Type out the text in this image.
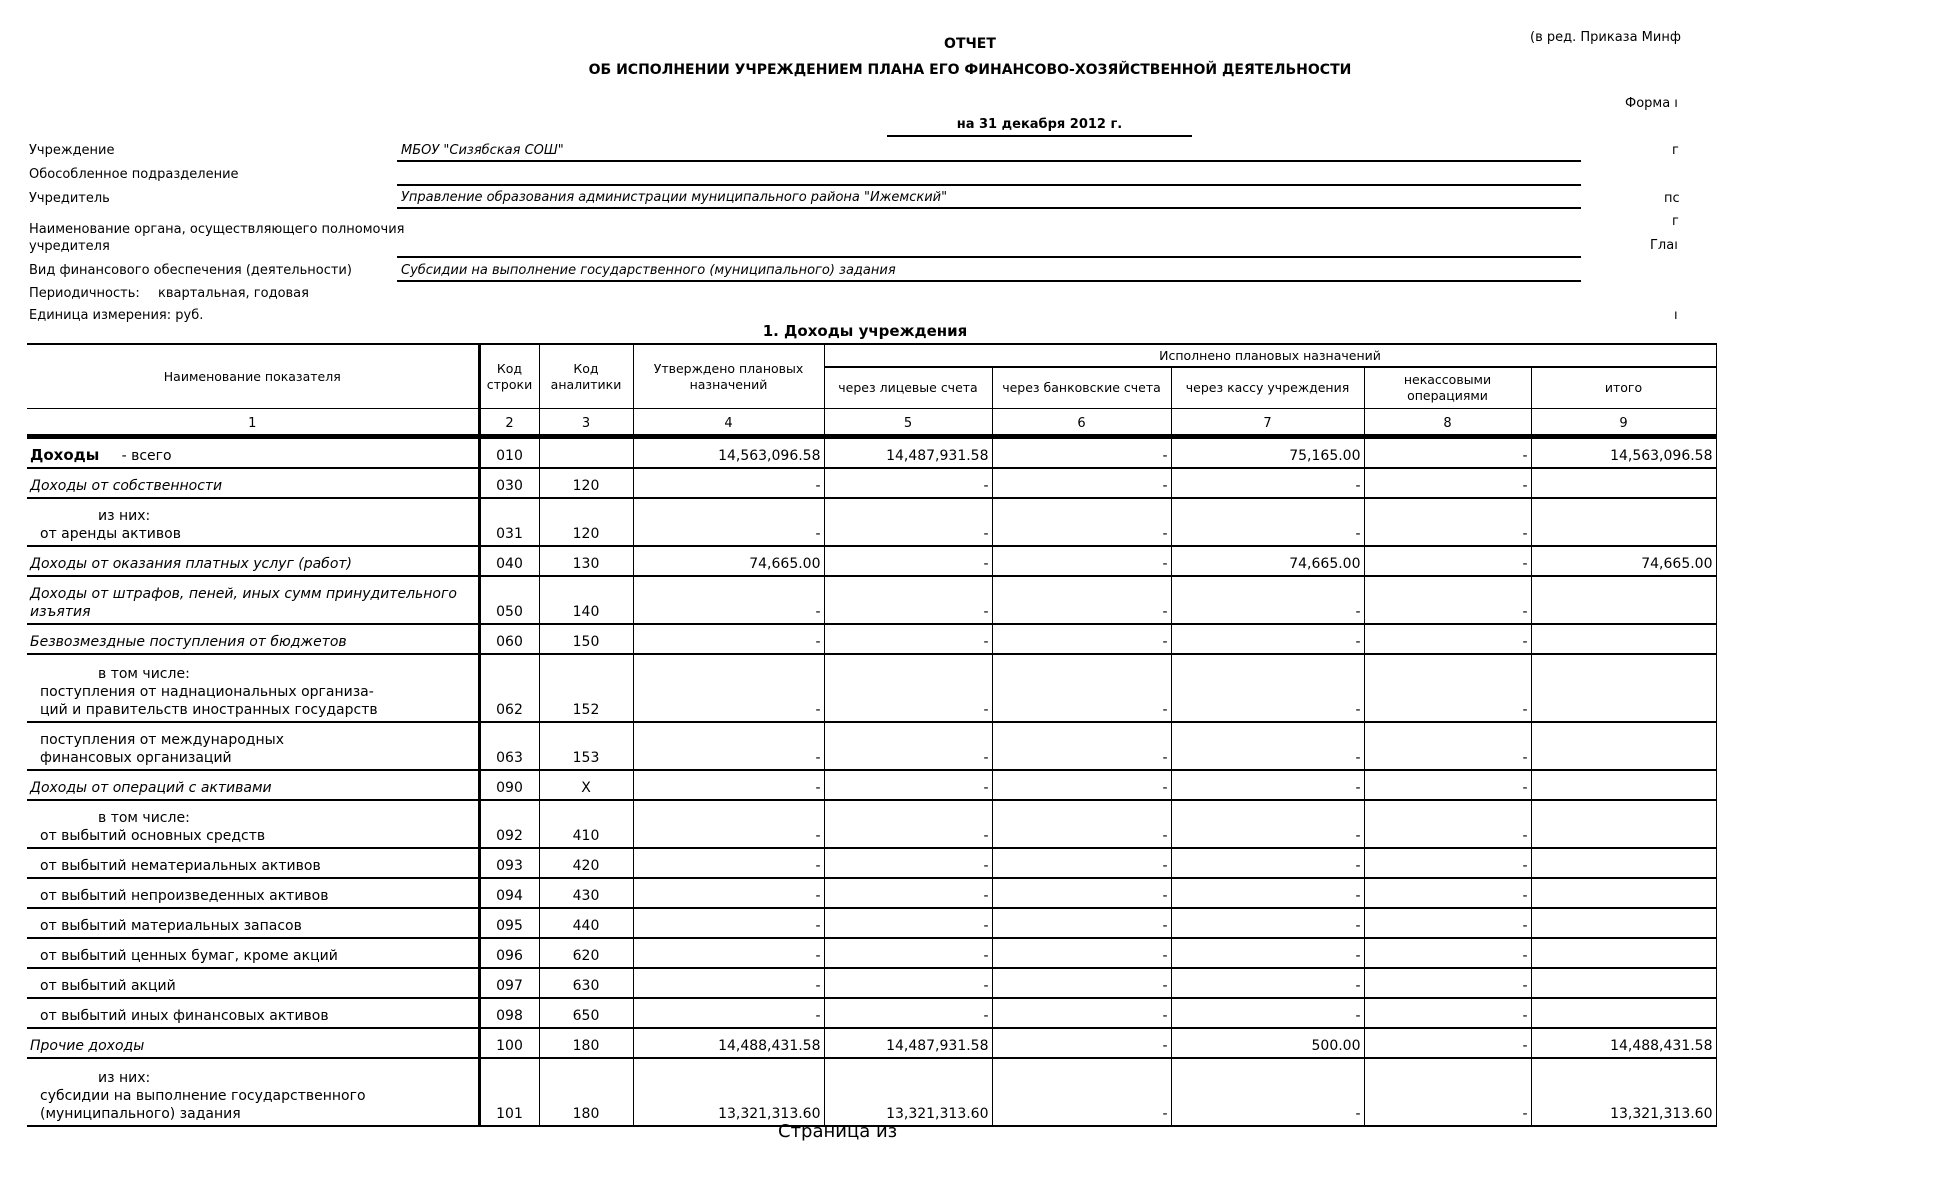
ОТЧЕТ
ОБ ИСПОЛНЕНИИ УЧРЕЖДЕНИЕМ ПЛАНА ЕГО ФИНАНСОВО-ХОЗЯЙСТВЕННОЙ ДЕЯТЕЛЬНОСТИ
(в ред. Приказа Минф
Форма ı
на 31 декабря 2012 г.
Учреждение	МБОУ "Сизябская СОШ"
Обособленное подразделение
Учредитель	Управление образования администрации муниципального района "Ижемский"
Наименование органа, осуществляющего полномочия
учредителя
Вид финансового обеспечения (деятельности)	Субсидии на выполнение государственного (муниципального) задания
Периодичность: квартальная, годовая
Единица измерения: руб.
г
пс
г
Глаı
ı
1. Доходы учреждения
Наименование показателя	Код строки	Код аналитики	Утверждено плановых назначений	Исполнено плановых назначений				
				через лицевые счета	через банковские счета	через кассу учреждения	некассовыми операциями	итого
1	2	3	4	5	6	7	8	9
Доходы     - всего	010		14,563,096.58	14,487,931.58	-	75,165.00	-	14,563,096.58

Доходы от собственности	030	120	-	-	-	-	-	

из них:
от аренды активов	031	120	-	-	-	-	-	

Доходы от оказания платных услуг (работ)	040	130	74,665.00	-	-	74,665.00	-	74,665.00

Доходы от штрафов, пеней, иных сумм принудительного
изъятия	050	140	-	-	-	-	-	

Безвозмездные поступления от бюджетов	060	150	-	-	-	-	-	

в том числе:
поступления от наднациональных организа-
ций и правительств иностранных государств	062	152	-	-	-	-	-	

поступления от международных
финансовых организаций	063	153	-	-	-	-	-	

Доходы от операций с активами	090	X	-	-	-	-	-	

в том числе:
от выбытий основных средств	092	410	-	-	-	-	-	

от выбытий нематериальных активов	093	420	-	-	-	-	-	

от выбытий непроизведенных активов	094	430	-	-	-	-	-	

от выбытий материальных запасов	095	440	-	-	-	-	-	

от выбытий ценных бумаг, кроме акций	096	620	-	-	-	-	-	

от выбытий акций	097	630	-	-	-	-	-	

от выбытий иных финансовых активов	098	650	-	-	-	-	-	

Прочие доходы	100	180	14,488,431.58	14,487,931.58	-	500.00	-	14,488,431.58

из них:
субсидии на выполнение государственного
(муниципального) задания	101	180	13,321,313.60	13,321,313.60	-	-	-	13,321,313.60
Страница из
